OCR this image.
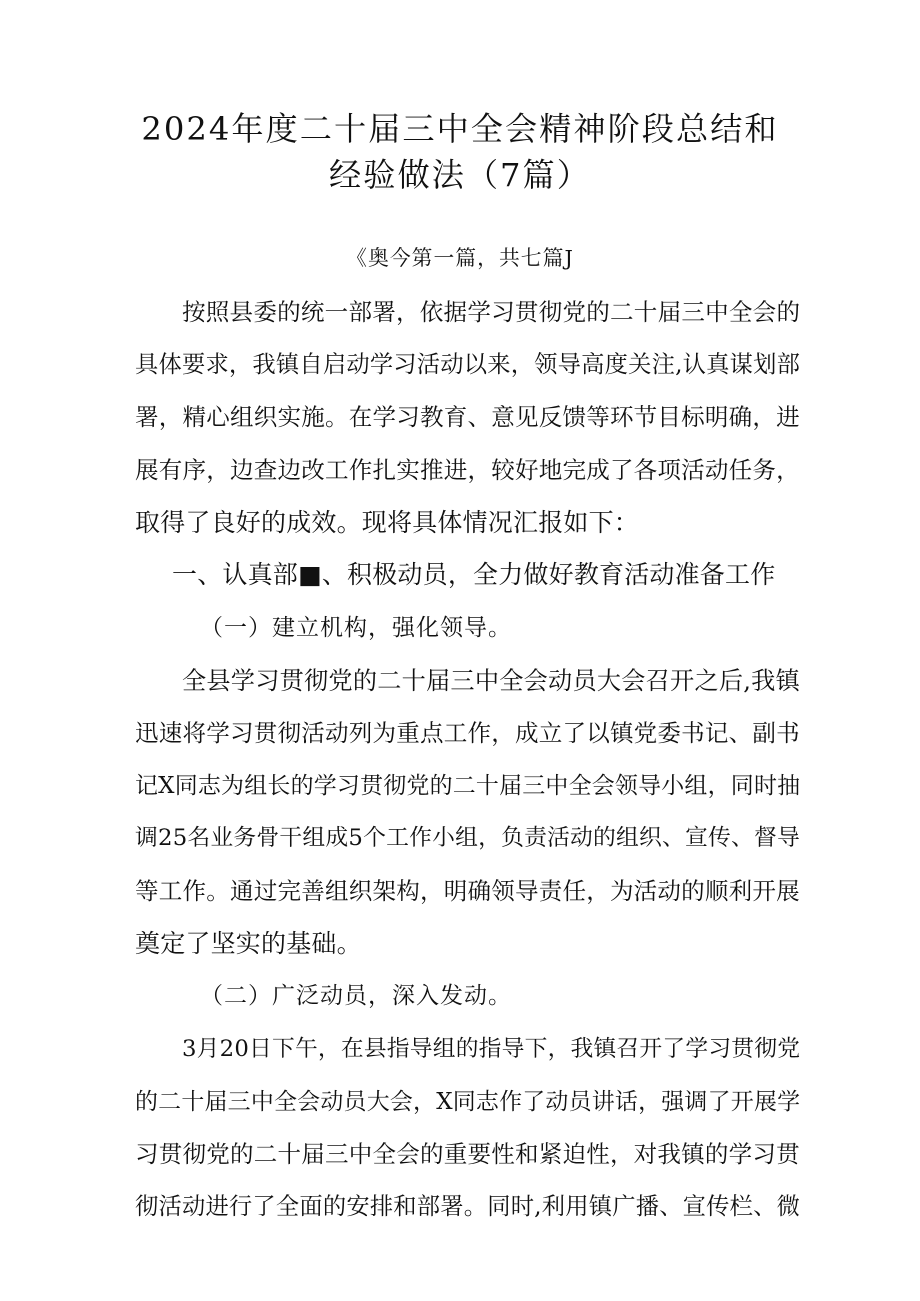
2024年度二十届三中全会精神阶段总结和
经验做法（7篇）
《奥今第一篇，共七篇J
按照县委的统一部署，依据学习贯彻党的二十届三中全会的
具体要求，我镇自启动学习活动以来，领导高度关注,认真谋划部
署，精心组织实施。在学习教育、意见反馈等环节目标明确，进
展有序，边查边改工作扎实推进，较好地完成了各项活动任务，
取得了良好的成效。现将具体情况汇报如下：
一、认真部■、积极动员，全力做好教育活动准备工作
（一）建立机构，强化领导。
全县学习贯彻党的二十届三中全会动员大会召开之后,我镇
迅速将学习贯彻活动列为重点工作，成立了以镇党委书记、副书
记X同志为组长的学习贯彻党的二十届三中全会领导小组，同时抽
调25名业务骨干组成5个工作小组，负责活动的组织、宣传、督导
等工作。通过完善组织架构，明确领导责任，为活动的顺利开展
奠定了坚实的基础。
（二）广泛动员，深入发动。
3月20日下午，在县指导组的指导下，我镇召开了学习贯彻党
的二十届三中全会动员大会，X同志作了动员讲话，强调了开展学
习贯彻党的二十届三中全会的重要性和紧迫性，对我镇的学习贯
彻活动进行了全面的安排和部署。同时,利用镇广播、宣传栏、微
